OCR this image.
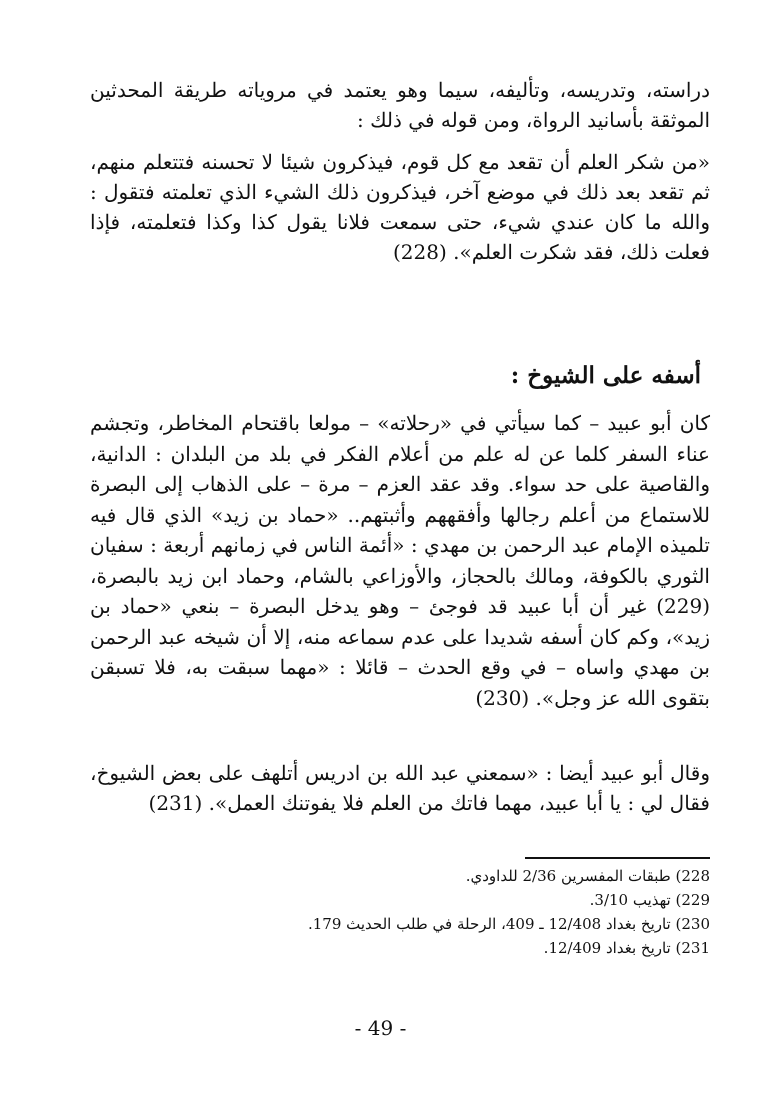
دراسته، وتدريسه، وتأليفه، سيما وهو يعتمد في مروياته طريقة المحدثين الموثقة بأسانيد الرواة، ومن قوله في ذلك :

«من شكر العلم أن تقعد مع كل قوم، فيذكرون شيئا لا تحسنه فتتعلم منهم، ثم تقعد بعد ذلك في موضع آخر، فيذكرون ذلك الشيء الذي تعلمته فتقول : والله ما كان عندي شيء، حتى سمعت فلانا يقول كذا وكذا فتعلمته، فإذا فعلت ذلك، فقد شكرت العلم». (228)

أسفه على الشيوخ :

كان أبو عبيد – كما سيأتي في «رحلاته» – مولعا باقتحام المخاطر، وتجشم عناء السفر كلما عن له علم من أعلام الفكر في بلد من البلدان : الدانية، والقاصية على حد سواء. وقد عقد العزم – مرة – على الذهاب إلى البصرة للاستماع من أعلم رجالها وأفقههم وأثبتهم.. «حماد بن زيد» الذي قال فيه تلميذه الإمام عبد الرحمن بن مهدي : «أئمة الناس في زمانهم أربعة : سفيان الثوري بالكوفة، ومالك بالحجاز، والأوزاعي بالشام، وحماد ابن زيد بالبصرة، (229) غير أن أبا عبيد قد فوجئ – وهو يدخل البصرة – بنعي «حماد بن زيد»، وكم كان أسفه شديدا على عدم سماعه منه، إلا أن شيخه عبد الرحمن بن مهدي واساه – في وقع الحدث – قائلا : «مهما سبقت به، فلا تسبقن بتقوى الله عز وجل». (230)

وقال أبو عبيد أيضا : «سمعني عبد الله بن ادريس أتلهف على بعض الشيوخ، فقال لي : يا أبا عبيد، مهما فاتك من العلم فلا يفوتنك العمل». (231)

228) طبقات المفسرين 2/36 للداودي.

229) تهذيب 3/10.

230) تاريخ بغداد 12/408 ـ 409، الرحلة في طلب الحديث 179.

231) تاريخ بغداد 12/409.

- 49 -
